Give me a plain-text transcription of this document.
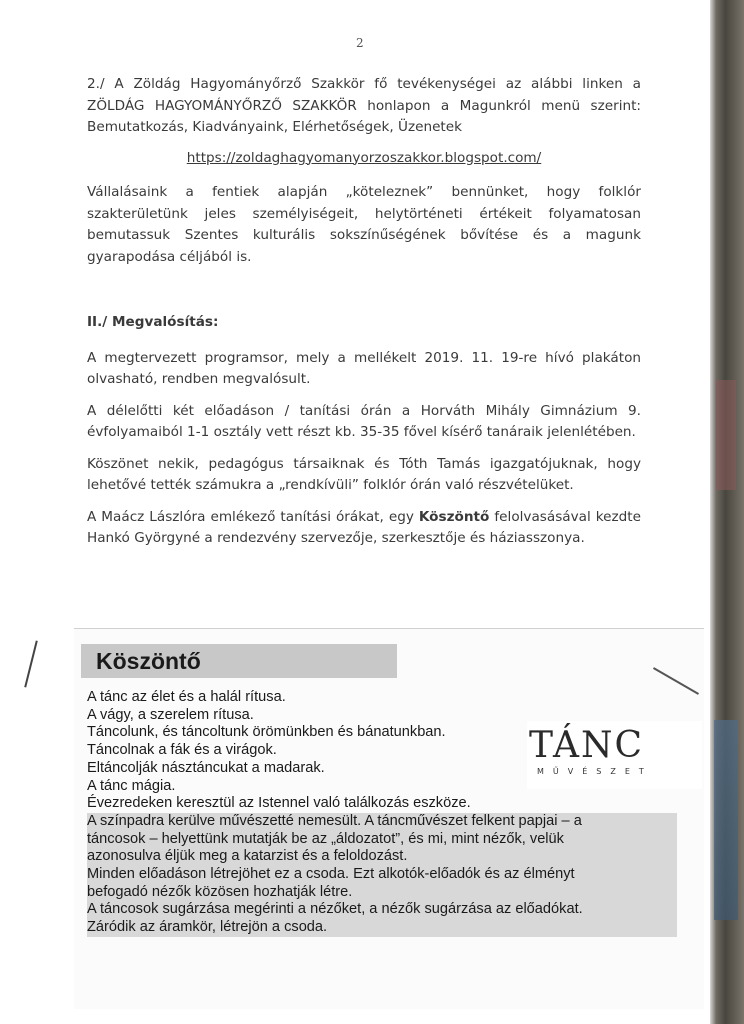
2

2./ A Zöldág Hagyományőrző Szakkör fő tevékenységei az alábbi linken a ZÖLDÁG HAGYOMÁNYŐRZŐ SZAKKÖR honlapon a Magunkról menü szerint: Bemutatkozás, Kiadványaink, Elérhetőségek, Üzenetek

https://zoldaghagyomanyorzoszakkor.blogspot.com/

Vállalásaink a fentiek alapján „köteleznek” bennünket, hogy folklór szakterületünk jeles személyiségeit, helytörténeti értékeit folyamatosan bemutassuk Szentes kulturális sokszínűségének bővítése és a magunk gyarapodása céljából is.

II./ Megvalósítás:

A megtervezett programsor, mely a mellékelt 2019. 11. 19-re hívó plakáton olvasható, rendben megvalósult.

A délelőtti két előadáson / tanítási órán a Horváth Mihály Gimnázium 9. évfolyamaiból 1-1 osztály vett részt kb. 35-35 fővel kísérő tanáraik jelenlétében.

Köszönet nekik, pedagógus társaiknak és Tóth Tamás igazgatójuknak, hogy lehetővé tették számukra a „rendkívüli” folklór órán való részvételüket.

A Maácz Lászlóra emlékező tanítási órákat, egy Köszöntő felolvasásával kezdte Hankó Györgyné a rendezvény szervezője, szerkesztője és háziasszonya.

Köszöntő
A tánc az élet és a halál rítusa.
A vágy, a szerelem rítusa.
Táncolunk, és táncoltunk örömünkben és bánatunkban.
Táncolnak a fák és a virágok.
Eltáncolják násztáncukat a madarak.
A tánc mágia.
Évezredeken keresztül az Istennel való találkozás eszköze.
A színpadra kerülve művészetté nemesült. A táncművészet felkent papjai – a
táncosok – helyettünk mutatják be az „áldozatot”, és mi, mint nézők, velük
azonosulva éljük meg a katarzist és a feloldozást.
Minden előadáson létrejöhet ez a csoda. Ezt alkotók-előadók és az élményt
befogadó nézők közösen hozhatják létre.
A táncosok sugárzása megérinti a nézőket, a nézők sugárzása az előadókat.
Záródik az áramkör, létrejön a csoda.
TÁNC
MŰVÉSZET
